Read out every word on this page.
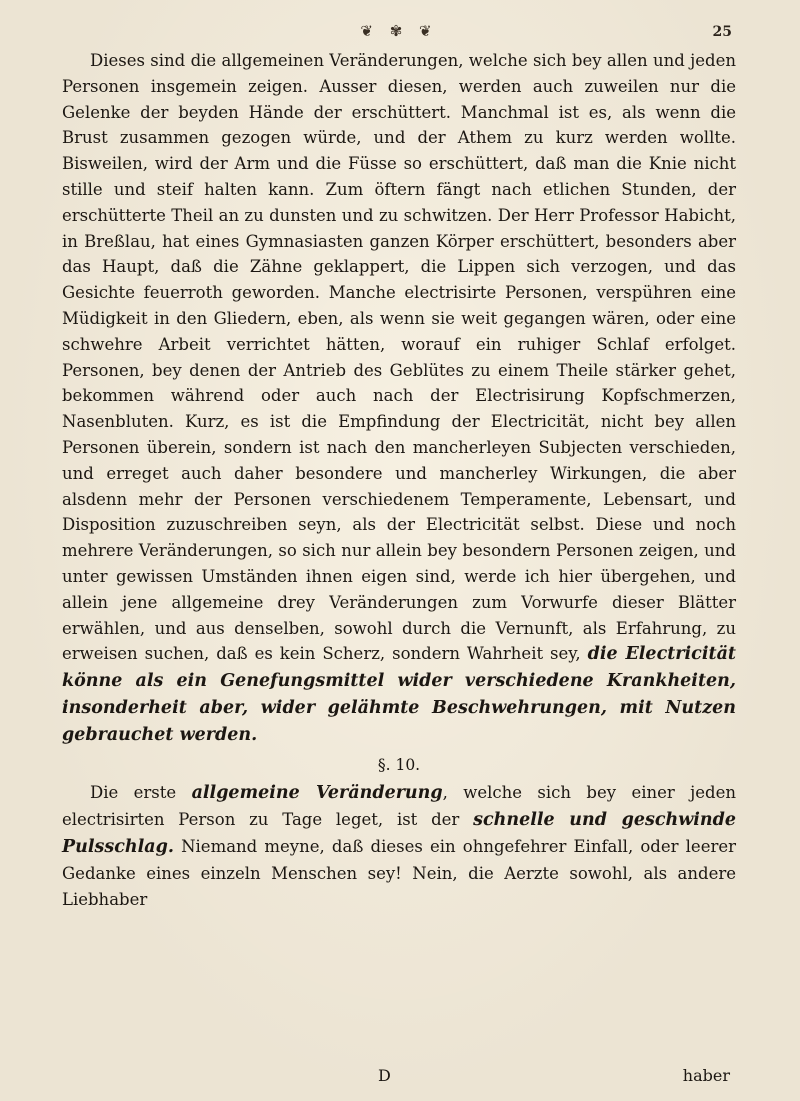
❦ ✾ ❦	25

Dieses sind die allgemeinen Veränderungen, welche sich bey allen und jeden Personen insgemein zeigen. Ausser diesen, werden auch zuweilen nur die Gelenke der beyden Hände der erschüttert. Manchmal ist es, als wenn die Brust zusammen gezogen würde, und der Athem zu kurz werden wollte. Bisweilen, wird der Arm und die Füsse so erschüttert, daß man die Knie nicht stille und steif halten kann. Zum öftern fängt nach etlichen Stunden, der erschütterte Theil an zu dunsten und zu schwitzen. Der Herr Professor Habicht, in Breßlau, hat eines Gymnasiasten ganzen Körper erschüttert, besonders aber das Haupt, daß die Zähne geklappert, die Lippen sich verzogen, und das Gesichte feuerroth geworden. Manche electrisirte Personen, verspühren eine Müdigkeit in den Gliedern, eben, als wenn sie weit gegangen wären, oder eine schwehre Arbeit verrichtet hätten, worauf ein ruhiger Schlaf erfolget. Personen, bey denen der Antrieb des Geblütes zu einem Theile stärker gehet, bekommen während oder auch nach der Electrisirung Kopfschmerzen, Nasenbluten. Kurz, es ist die Empfindung der Electricität, nicht bey allen Personen überein, sondern ist nach den mancherleyen Subjecten verschieden, und erreget auch daher besondere und mancherley Wirkungen, die aber alsdenn mehr der Personen verschiedenem Temperamente, Lebensart, und Disposition zuzuschreiben seyn, als der Electricität selbst. Diese und noch mehrere Veränderungen, so sich nur allein bey besondern Personen zeigen, und unter gewissen Umständen ihnen eigen sind, werde ich hier übergehen, und allein jene allgemeine drey Veränderungen zum Vorwurfe dieser Blätter erwählen, und aus denselben, sowohl durch die Vernunft, als Erfahrung, zu erweisen suchen, daß es kein Scherz, sondern Wahrheit sey, die Electricität könne als ein Genefungsmittel wider verschiedene Krankheiten, insonderheit aber, wider gelähmte Beschwehrungen, mit Nutzen gebrauchet werden.

§. 10.

Die erste allgemeine Veränderung, welche sich bey einer jeden electrisirten Person zu Tage leget, ist der schnelle und geschwinde Pulsschlag. Niemand meyne, daß dieses ein ohngefehrer Einfall, oder leerer Gedanke eines einzeln Menschen sey! Nein, die Aerzte sowohl, als andere Liebhaber

D	haber
